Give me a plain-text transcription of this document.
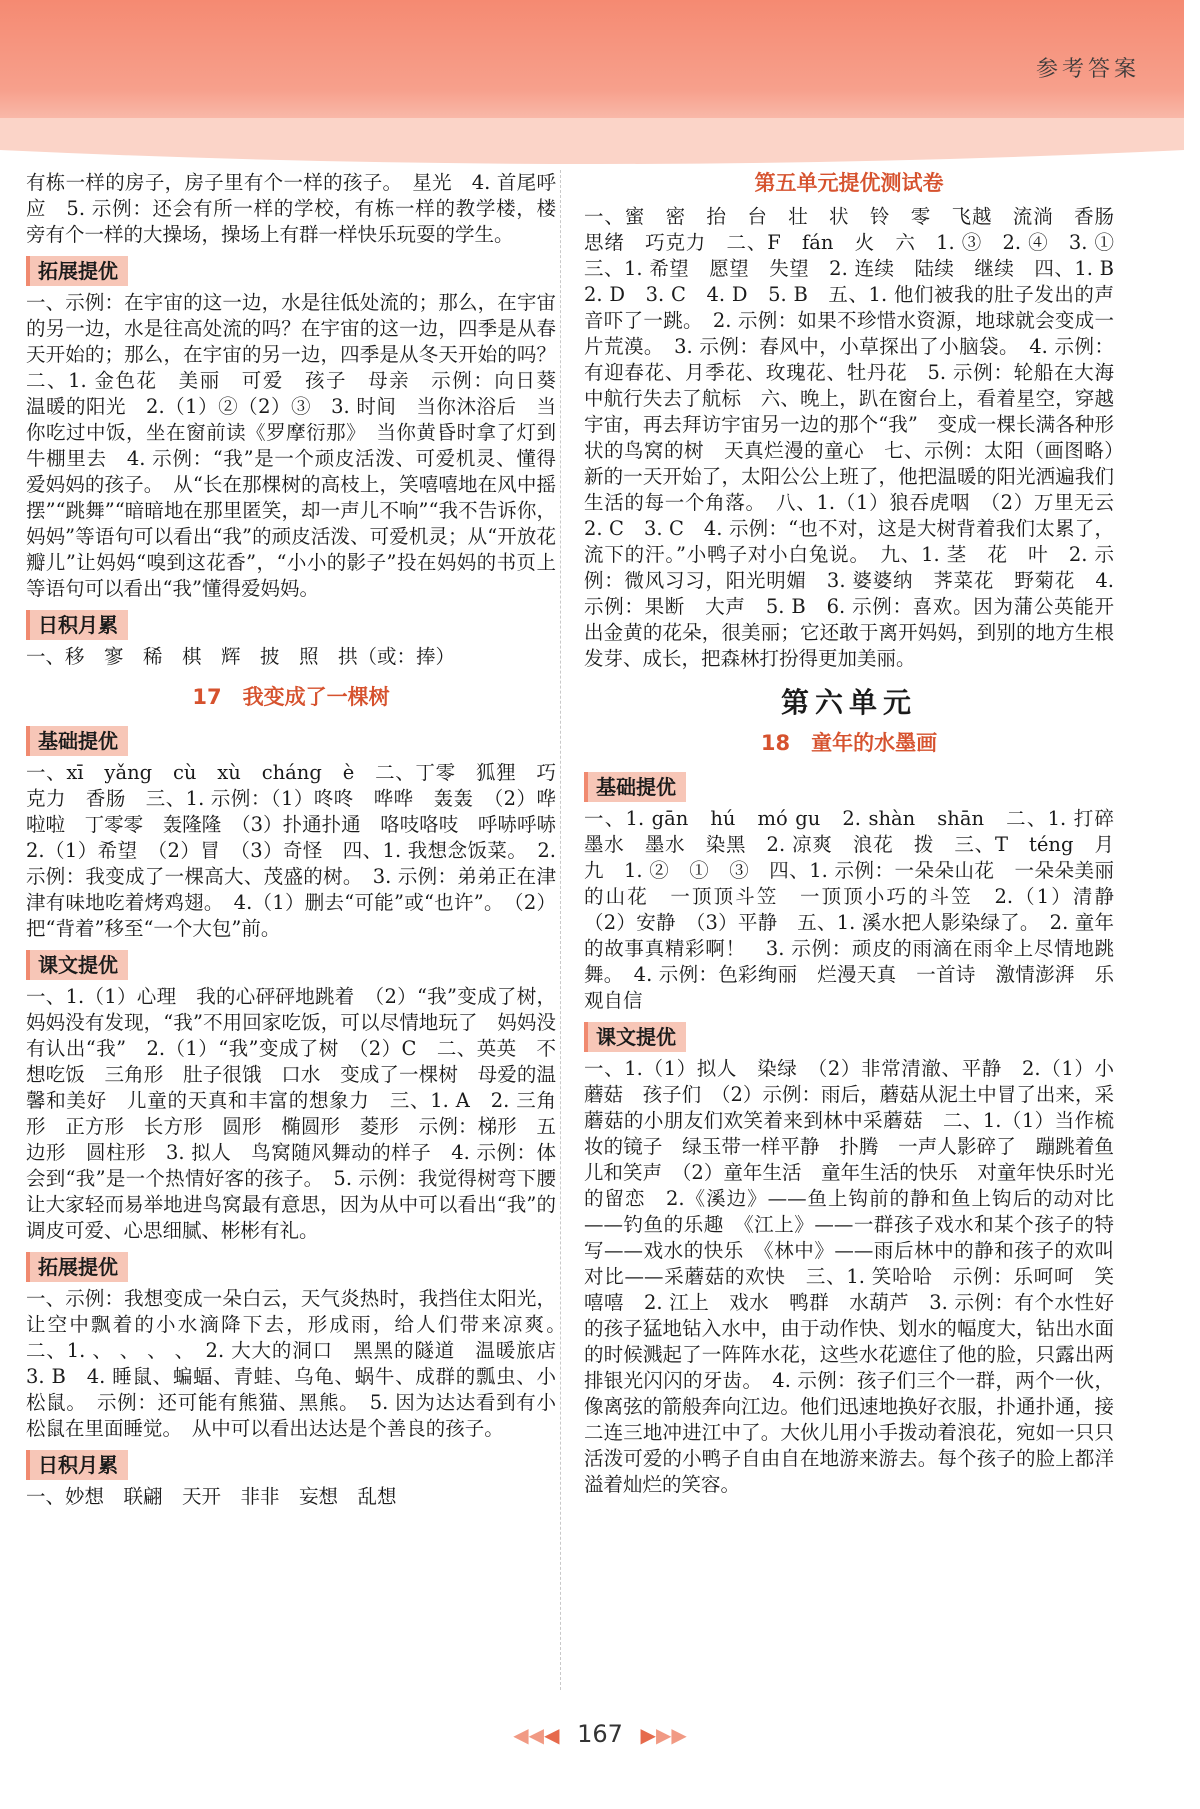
参考答案

有栋一样的房子，房子里有个一样的孩子。　星光　4. 首尾呼应　5. 示例：还会有所一样的学校，有栋一样的教学楼，楼旁有个一样的大操场，操场上有群一样快乐玩耍的学生。

拓展提优

一、示例：在宇宙的这一边，水是往低处流的；那么，在宇宙的另一边，水是往高处流的吗？在宇宙的这一边，四季是从春天开始的；那么，在宇宙的另一边，四季是从冬天开始的吗？　二、1. 金色花　美丽　可爱　孩子　母亲　示例：向日葵　温暖的阳光　2.（1）②（2）③　3. 时间　当你沐浴后　当你吃过中饭，坐在窗前读《罗摩衍那》　当你黄昏时拿了灯到牛棚里去　4. 示例：“我”是一个顽皮活泼、可爱机灵、懂得爱妈妈的孩子。　从“长在那棵树的高枝上，笑嘻嘻地在风中摇摆”“跳舞”“暗暗地在那里匿笑，却一声儿不响”“我不告诉你，妈妈”等语句可以看出“我”的顽皮活泼、可爱机灵；从“开放花瓣儿”让妈妈“嗅到这花香”，“小小的影子”投在妈妈的书页上等语句可以看出“我”懂得爱妈妈。

日积月累

一、移　寥　稀　棋　辉　披　照　拱（或：捧）

17　我变成了一棵树
基础提优

一、xī　yǎng　cù　xù　cháng　è　二、丁零　狐狸　巧克力　香肠　三、1. 示例：（1）咚咚　哗哗　轰轰　（2）哗啦啦　丁零零　轰隆隆　（3）扑通扑通　咯吱咯吱　呼哧呼哧　2.（1）希望　（2）冒　（3）奇怪　四、1. 我想念饭菜。　2. 示例：我变成了一棵高大、茂盛的树。　3. 示例：弟弟正在津津有味地吃着烤鸡翅。　4.（1）删去“可能”或“也许”。　（2）把“背着”移至“一个大包”前。

课文提优

一、1.（1）心理　我的心砰砰地跳着　（2）“我”变成了树，妈妈没有发现，“我”不用回家吃饭，可以尽情地玩了　妈妈没有认出“我”　2.（1）“我”变成了树　（2）C　二、英英　不想吃饭　三角形　肚子很饿　口水　变成了一棵树　母爱的温馨和美好　儿童的天真和丰富的想象力　三、1. A　2. 三角形　正方形　长方形　圆形　椭圆形　菱形　示例：梯形　五边形　圆柱形　3. 拟人　鸟窝随风舞动的样子　4. 示例：体会到“我”是一个热情好客的孩子。　5. 示例：我觉得树弯下腰让大家轻而易举地进鸟窝最有意思，因为从中可以看出“我”的调皮可爱、心思细腻、彬彬有礼。

拓展提优

一、示例：我想变成一朵白云，天气炎热时，我挡住太阳光，让空中飘着的小水滴降下去，形成雨，给人们带来凉爽。　二、1. 、 、 、 、　2. 大大的洞口　黑黑的隧道　温暖旅店　3. B　4. 睡鼠、蝙蝠、青蛙、乌龟、蜗牛、成群的瓢虫、小松鼠。　示例：还可能有熊猫、黑熊。　5. 因为达达看到有小松鼠在里面睡觉。　从中可以看出达达是个善良的孩子。

日积月累

一、妙想　联翩　天开　非非　妄想　乱想

第五单元提优测试卷

一、蜜　密　抬　台　壮　状　铃　零　飞越　流淌　香肠　思绪　巧克力　二、F　fán　火　六　1. ③　2. ④　3. ①　三、1. 希望　愿望　失望　2. 连续　陆续　继续　四、1. B　2. D　3. C　4. D　5. B　五、1. 他们被我的肚子发出的声音吓了一跳。　2. 示例：如果不珍惜水资源，地球就会变成一片荒漠。　3. 示例：春风中，小草探出了小脑袋。　4. 示例：有迎春花、月季花、玫瑰花、牡丹花　5. 示例：轮船在大海中航行失去了航标　六、晚上，趴在窗台上，看着星空，穿越宇宙，再去拜访宇宙另一边的那个“我”　变成一棵长满各种形状的鸟窝的树　天真烂漫的童心　七、示例：太阳（画图略）　新的一天开始了，太阳公公上班了，他把温暖的阳光洒遍我们生活的每一个角落。　八、1.（1）狼吞虎咽　（2）万里无云　2. C　3. C　4. 示例：“也不对，这是大树背着我们太累了，流下的汗。”小鸭子对小白兔说。　九、1. 茎　花　叶　2. 示例：微风习习，阳光明媚　3. 婆婆纳　荠菜花　野菊花　4. 示例：果断　大声　5. B　6. 示例：喜欢。因为蒲公英能开出金黄的花朵，很美丽；它还敢于离开妈妈，到别的地方生根发芽、成长，把森林打扮得更加美丽。

第六单元
18　童年的水墨画
基础提优

一、1. gān　hú　mó gu　2. shàn　shān　二、1. 打碎　墨水　墨水　染黑　2. 凉爽　浪花　拨　三、T　téng　月　九　1. ②　①　③　四、1. 示例：一朵朵山花　一朵朵美丽的山花　一顶顶斗笠　一顶顶小巧的斗笠　2.（1）清静　（2）安静　（3）平静　五、1. 溪水把人影染绿了。　2. 童年的故事真精彩啊！　3. 示例：顽皮的雨滴在雨伞上尽情地跳舞。　4. 示例：色彩绚丽　烂漫天真　一首诗　激情澎湃　乐观自信

课文提优

一、1.（1）拟人　染绿　（2）非常清澈、平静　2.（1）小蘑菇　孩子们　（2）示例：雨后，蘑菇从泥土中冒了出来，采蘑菇的小朋友们欢笑着来到林中采蘑菇　二、1.（1）当作梳妆的镜子　绿玉带一样平静　扑腾　一声人影碎了　蹦跳着鱼儿和笑声　（2）童年生活　童年生活的快乐　对童年快乐时光的留恋　2.《溪边》——鱼上钩前的静和鱼上钩后的动对比——钓鱼的乐趣　《江上》——一群孩子戏水和某个孩子的特写——戏水的快乐　《林中》——雨后林中的静和孩子的欢叫对比——采蘑菇的欢快　三、1. 笑哈哈　示例：乐呵呵　笑嘻嘻　2. 江上　戏水　鸭群　水葫芦　3. 示例：有个水性好的孩子猛地钻入水中，由于动作快、划水的幅度大，钻出水面的时候溅起了一阵阵水花，这些水花遮住了他的脸，只露出两排银光闪闪的牙齿。　4. 示例：孩子们三个一群，两个一伙，像离弦的箭般奔向江边。他们迅速地换好衣服，扑通扑通，接二连三地冲进江中了。大伙儿用小手拨动着浪花，宛如一只只活泼可爱的小鸭子自由自在地游来游去。每个孩子的脸上都洋溢着灿烂的笑容。

◀◀◀ 167 ▶▶▶
